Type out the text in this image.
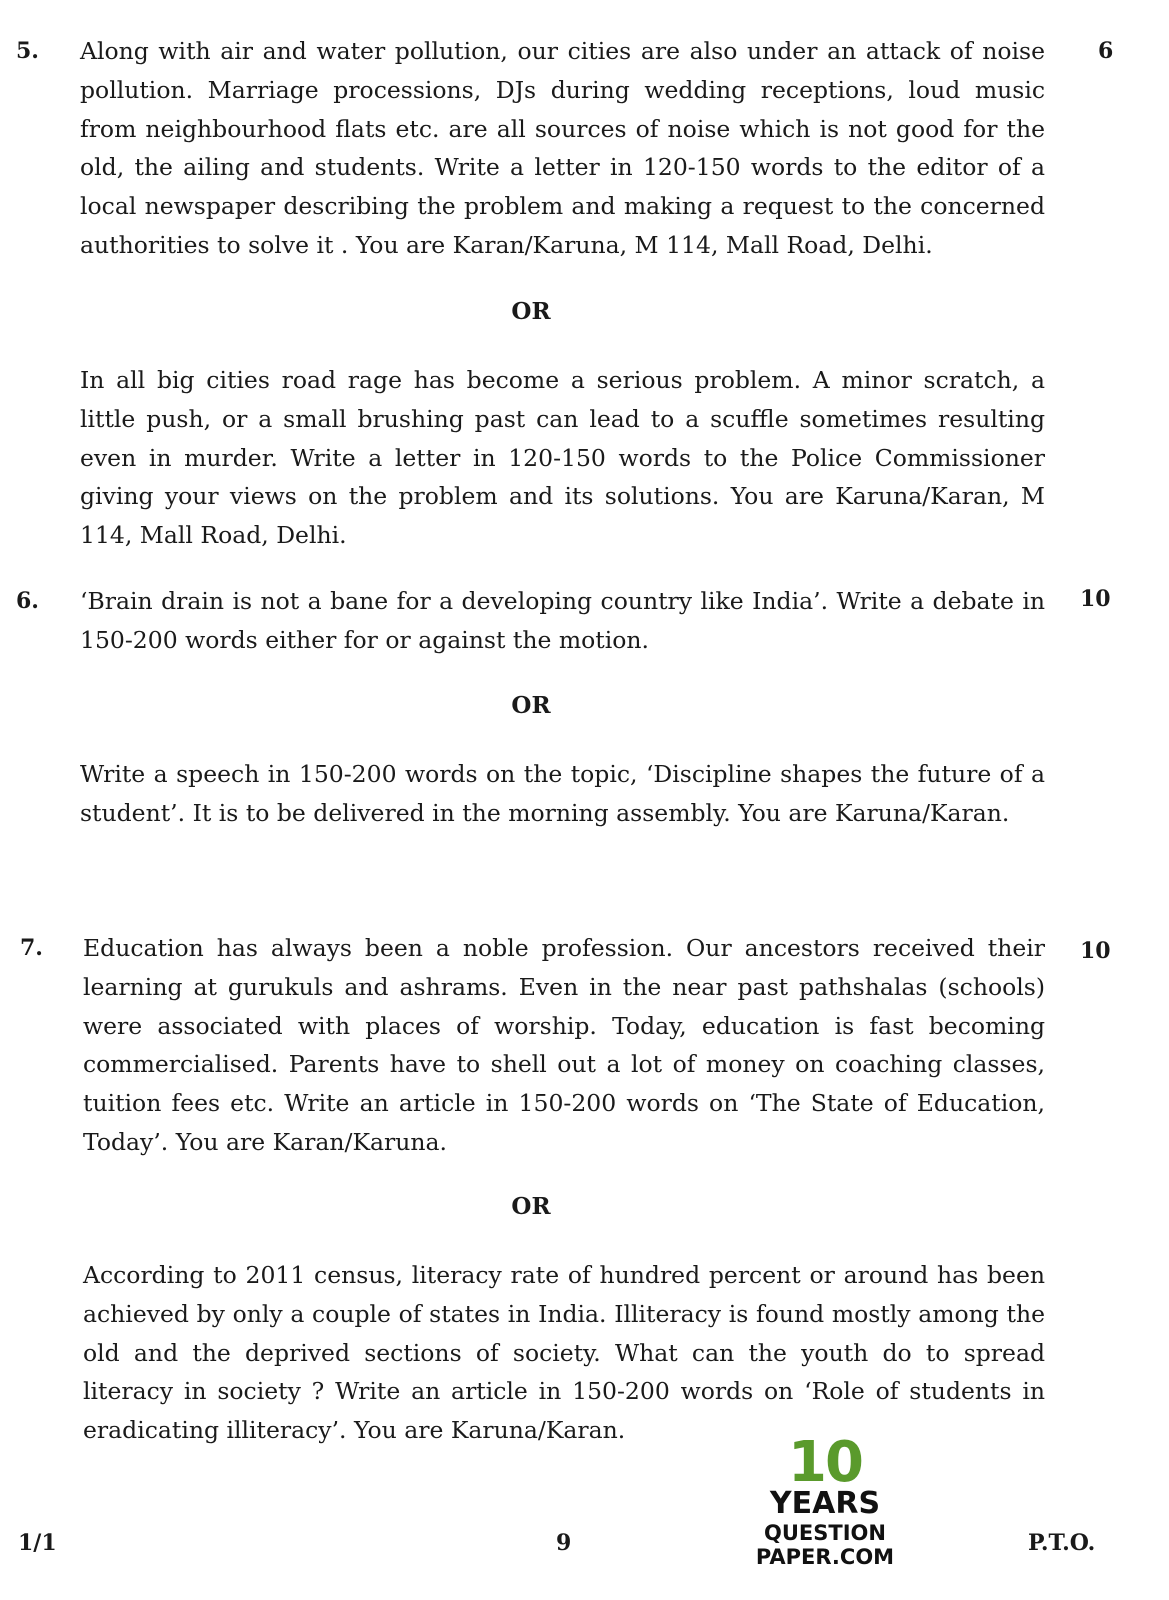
5.	6

Along with air and water pollution, our cities are also under an attack of noise pollution. Marriage processions, DJs during wedding receptions, loud music from neighbourhood flats etc. are all sources of noise which is not good for the old, the ailing and students. Write a letter in 120-150 words to the editor of a local newspaper describing the problem and making a request to the concerned authorities to solve it . You are Karan/Karuna, M 114, Mall Road, Delhi.

OR

In all big cities road rage has become a serious problem. A minor scratch, a little push, or a small brushing past can lead to a scuffle sometimes resulting even in murder. Write a letter in 120-150 words to the Police Commissioner giving your views on the problem and its solutions. You are Karuna/Karan, M 114, Mall Road, Delhi.

6.	10

‘Brain drain is not a bane for a developing country like India’. Write a debate in 150-200 words either for or against the motion.

OR

Write a speech in 150-200 words on the topic, ‘Discipline shapes the future of a student’. It is to be delivered in the morning assembly. You are Karuna/Karan.

7.	10

Education has always been a noble profession. Our ancestors received their learning at gurukuls and ashrams. Even in the near past pathshalas (schools) were associated with places of worship. Today, education is fast becoming commercialised. Parents have to shell out a lot of money on coaching classes, tuition fees etc. Write an article in 150-200 words on ‘The State of Education, Today’. You are Karan/Karuna.

OR

According to 2011 census, literacy rate of hundred percent or around has been achieved by only a couple of states in India. Illiteracy is found mostly among the old and the deprived sections of society. What can the youth do to spread literacy in society ? Write an article in 150-200 words on ‘Role of students in eradicating illiteracy’. You are Karuna/Karan.	10
YEARS
QUESTION PAPER.COM
1/1	9	P.T.O.
